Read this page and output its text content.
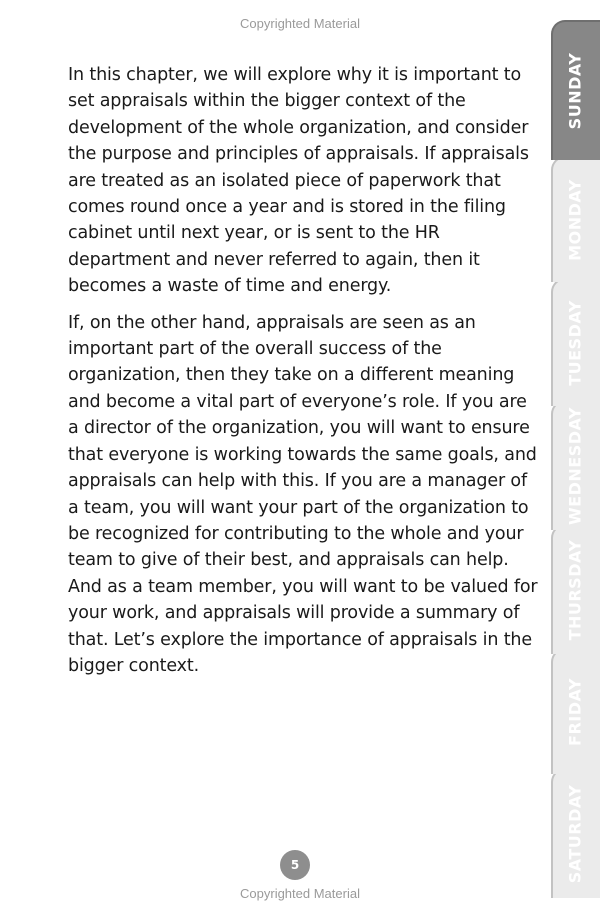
Copyrighted Material

In this chapter, we will explore why it is important to set appraisals within the bigger context of the development of the whole organization, and consider the purpose and principles of appraisals. If appraisals are treated as an isolated piece of paperwork that comes round once a year and is stored in the filing cabinet until next year, or is sent to the HR department and never referred to again, then it becomes a waste of time and energy.

If, on the other hand, appraisals are seen as an important part of the overall success of the organization, then they take on a different meaning and become a vital part of everyone’s role. If you are a director of the organization, you will want to ensure that everyone is working towards the same goals, and appraisals can help with this. If you are a manager of a team, you will want your part of the organization to be recognized for contributing to the whole and your team to give of their best, and appraisals can help. And as a team member, you will want to be valued for your work, and appraisals will provide a summary of that. Let’s explore the importance of appraisals in the bigger context.

5
Copyrighted Material
SUNDAY
MONDAY
TUESDAY
WEDNESDAY
THURSDAY
FRIDAY
SATURDAY
